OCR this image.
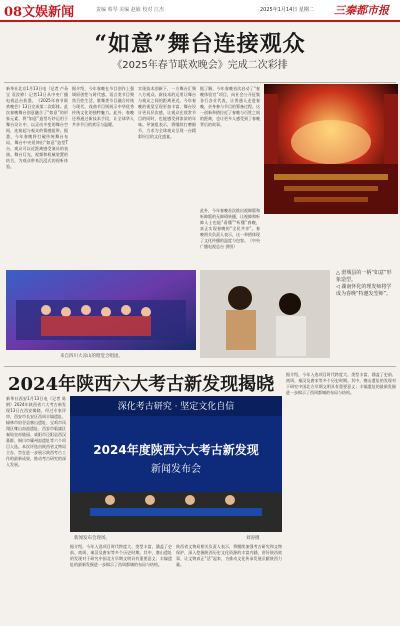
08文娱新闻	责编 蔡琴 美编 赵敏 校对 江杰	2025年1月14日 星期二 三秦都市报
“如意”舞台连接观众
《2025年春节联欢晚会》完成二次彩排
新华社北京1月13日电（记者 卢朵宝 袁汝婷）记者13日从中央广播电视总台获悉，《2025年春节联欢晚会》13日完成第二次彩排。此次春晚舞台创意融合了“如意”的形象元素，将“如意”造型巧妙运用于舞台设计中，以灵动多变的舞台空间，连接起与观众的情感纽带。据悉，今年春晚将打破传统舞台布局，舞台中央延伸出“如意”造型T台，观众可以近距离感受演员的表演。舞台灯光、视频和机械装置的结合，为观众带来沉浸式的视听体验。
据介绍，今年春晚在节目创作上强调原创性与时代感。语言类节目聚焦百姓生活，歌舞类节目融合传统与现代，戏曲节目则展示中华优秀传统文化的独特魅力。此外，春晚还将通过新技术手段，让全球华人共享节日的欢乐与温暖。
实现技术创新下，一方舞台汇聚八方观众。新技术的运用让舞台与观众之间的距离更近。今年春晚的视觉呈现更加丰富，舞台设计更具层次感，让观众在欣赏节目的同时，也能感受到浓浓的年味。导演组表示，将继续打磨细节，力求为全球观众呈现一台精彩纷呈的文化盛宴。
据了解，今年春晚首次启动了“春晚体验官”项目，向社会公开征集各行各业代表，让普通人走进春晚，亲身参与节目的筹备过程。这一创新举措拉近了春晚与百姓之间的距离，也让更多人感受到了春晚背后的故事。
此外，今年春晚首次推出视障版和听障版的无障碍转播，让视障和听障人士也能“看懂”“听懂”春晚，真正实现春晚的“全民共享”。春晚相关负责人表示，这一举措体现了文化传播的温度与包容。（中央广播电视总台 供图）
来自四川大凉山的昭觉合唱团。
△ 澄城县的一柄“如意”形象造型。
◁ 湖南怀化的理发师将学成为春晚“特邀发型师”。
2024年陕西六大考古新发现揭晓
新华社西安1月13日电（记者 陈钢）2024年陕西省六大考古新发现13日在西安揭晓。经过专家评审，西安市长安区西周丰镐遗址、榆林市府谷县寨山遗址、宝鸡市凤翔区雍山血池遗址、西安市临潼区秦始皇帝陵园、咸阳市泾阳县西汉墓群、铜川市耀州窑遗址等六个项目入选。本次评选由陕西省文物局主办，旨在进一步展示陕西考古工作的最新成果，推动考古研究的深入发展。
深化考古研究 · 坚定文化自信
2024年度陕西六大考古新发现
新闻发布会
新闻发布会现场。	刘涛摄
据介绍，今年入选项目时代跨度大、类型丰富，涵盖了史前、商周、秦汉及唐宋等多个历史时期。其中，寨山遗址的发现对于研究中国北方早期文明具有重要意义；丰镐遗址的最新发掘进一步揭示了西周都城的布局与结构。
陕西省文物局相关负责人表示，将继续加强考古研究和文物保护，深入挖掘陕西历史文化资源的丰富内涵，讲好陕西故事，让文物真正“活”起来，为推动文化传承发展贡献陕西力量。
据介绍，今年入选项目时代跨度大、类型丰富，涵盖了史前、商周、秦汉及唐宋等多个历史时期。其中，寨山遗址的发现对于研究中国北方早期文明具有重要意义；丰镐遗址的最新发掘进一步揭示了西周都城的布局与结构。
